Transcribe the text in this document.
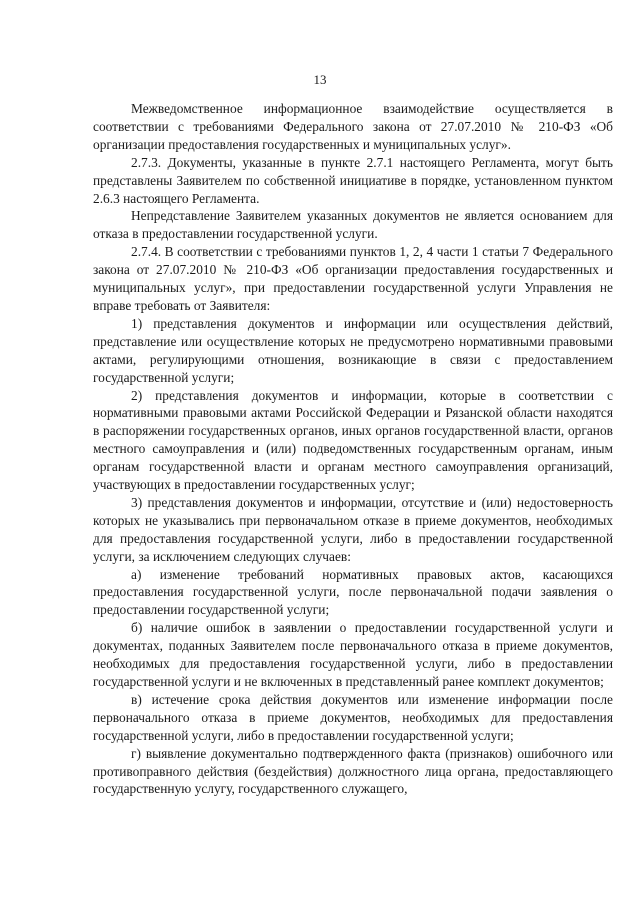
13

Межведомственное информационное взаимодействие осуществляется в соответствии с требованиями Федерального закона от 27.07.2010 № 210-ФЗ «Об организации предоставления государственных и муниципальных услуг».

2.7.3. Документы, указанные в пункте 2.7.1 настоящего Регламента, могут быть представлены Заявителем по собственной инициативе в порядке, установленном пунктом 2.6.3 настоящего Регламента.

Непредставление Заявителем указанных документов не является основанием для отказа в предоставлении государственной услуги.

2.7.4. В соответствии с требованиями пунктов 1, 2, 4 части 1 статьи 7 Федерального закона от 27.07.2010 № 210-ФЗ «Об организации предоставления государственных и муниципальных услуг», при предоставлении государственной услуги Управления не вправе требовать от Заявителя:

1) представления документов и информации или осуществления действий, представление или осуществление которых не предусмотрено нормативными правовыми актами, регулирующими отношения, возникающие в связи с предоставлением государственной услуги;

2) представления документов и информации, которые в соответствии с нормативными правовыми актами Российской Федерации и Рязанской области находятся в распоряжении государственных органов, иных органов государственной власти, органов местного самоуправления и (или) подведомственных государственным органам, иным органам государственной власти и органам местного самоуправления организаций, участвующих в предоставлении государственных услуг;

3) представления документов и информации, отсутствие и (или) недостоверность которых не указывались при первоначальном отказе в приеме документов, необходимых для предоставления государственной услуги, либо в предоставлении государственной услуги, за исключением следующих случаев:

а) изменение требований нормативных правовых актов, касающихся предоставления государственной услуги, после первоначальной подачи заявления о предоставлении государственной услуги;

б) наличие ошибок в заявлении о предоставлении государственной услуги и документах, поданных Заявителем после первоначального отказа в приеме документов, необходимых для предоставления государственной услуги, либо в предоставлении государственной услуги и не включенных в представленный ранее комплект документов;

в) истечение срока действия документов или изменение информации после первоначального отказа в приеме документов, необходимых для предоставления государственной услуги, либо в предоставлении государственной услуги;

г) выявление документально подтвержденного факта (признаков) ошибочного или противоправного действия (бездействия) должностного лица органа, предоставляющего государственную услугу, государственного служащего,
